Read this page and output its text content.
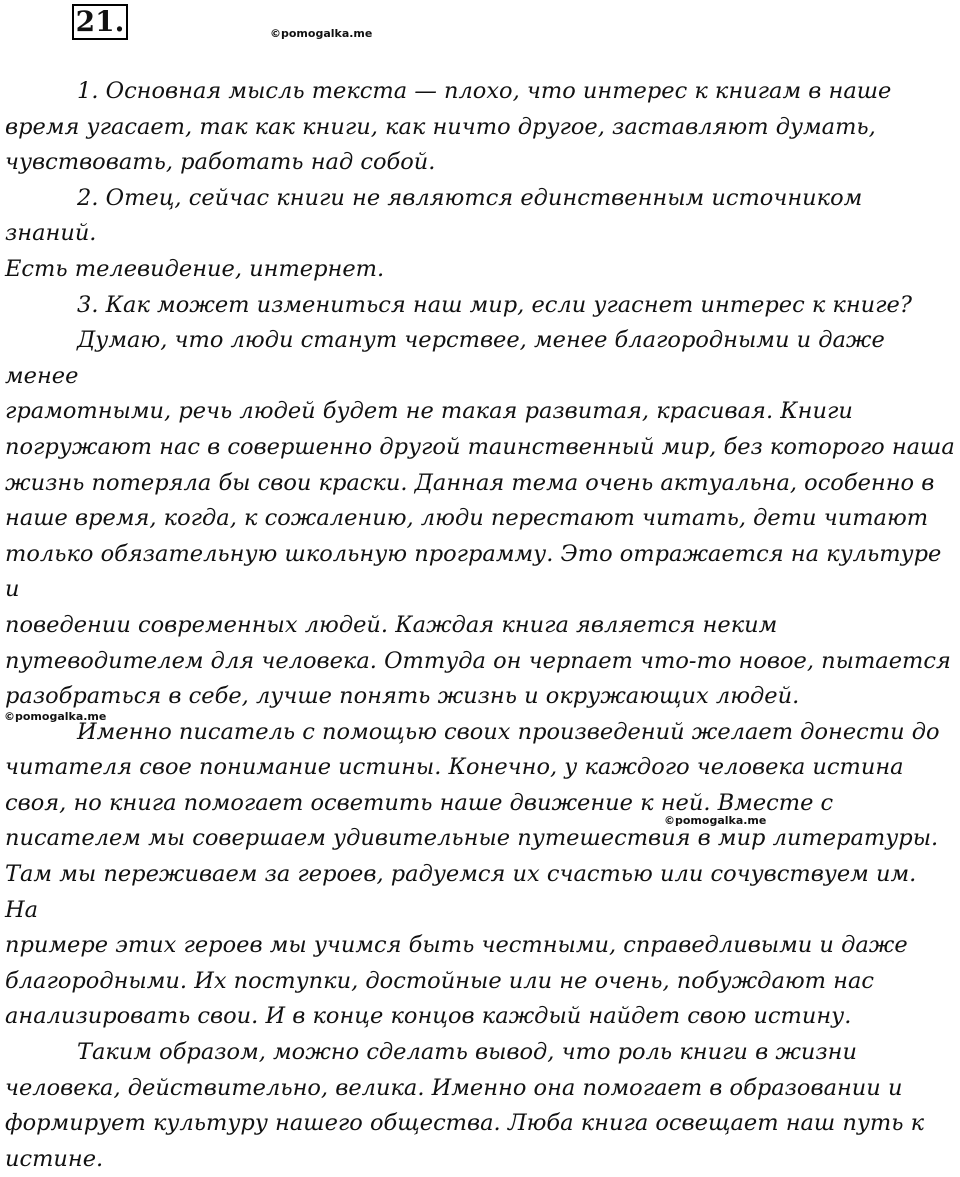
21.	©pomogalka.me

1. Основная мысль текста — плохо, что интерес к книгам в наше
время угасает, так как книги, как ничто другое, заставляют думать,
чувствовать, работать над собой.

2. Отец, сейчас книги не являются единственным источником знаний.
Есть телевидение, интернет.

3. Как может измениться наш мир, если угаснет интерес к книге?

Думаю, что люди станут черствее, менее благородными и даже менее
грамотными, речь людей будет не такая развитая, красивая. Книги
погружают нас в совершенно другой таинственный мир, без которого наша
жизнь потеряла бы свои краски. Данная тема очень актуальна, особенно в
наше время, когда, к сожалению, люди перестают читать, дети читают
только обязательную школьную программу. Это отражается на культуре и
поведении современных людей. Каждая книга является неким
путеводителем для человека. Оттуда он черпает что-то новое, пытается
разобраться в себе, лучше понять жизнь и окружающих людей.

Именно писатель с помощью своих произведений желает донести до
читателя свое понимание истины. Конечно, у каждого человека истина
своя, но книга помогает осветить наше движение к ней. Вместе с
писателем мы совершаем удивительные путешествия в мир литературы.
Там мы переживаем за героев, радуемся их счастью или сочувствуем им. На
примере этих героев мы учимся быть честными, справедливыми и даже
благородными. Их поступки, достойные или не очень, побуждают нас
анализировать свои. И в конце концов каждый найдет свою истину.

Таким образом, можно сделать вывод, что роль книги в жизни
человека, действительно, велика. Именно она помогает в образовании и
формирует культуру нашего общества. Люба книга освещает наш путь к
истине.

©pomogalka.me
©pomogalka.me
